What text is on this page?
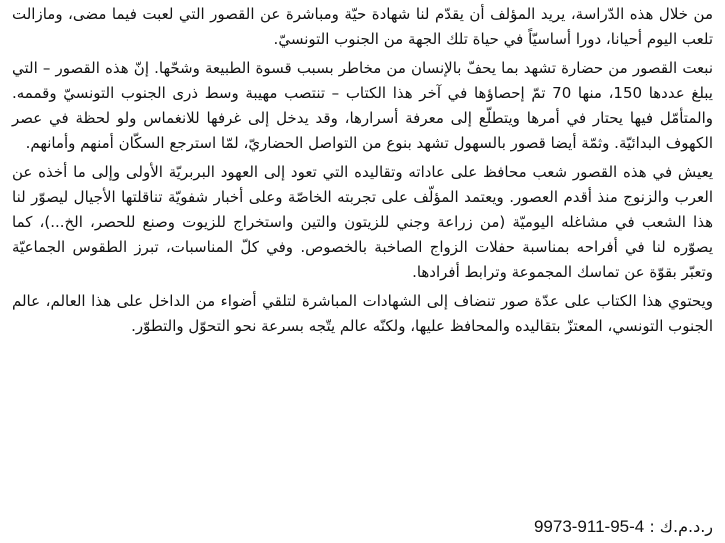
من خلال هذه الدّراسة، يريد المؤلف أن يقدّم لنا شهادة حيّة ومباشرة عن القصور التي لعبت فيما مضى، ومازالت تلعب اليوم أحيانا، دورا أساسيّاً في حياة تلك الجهة من الجنوب التونسيّ.

نبعت القصور من حضارة تشهد بما يحفّ بالإنسان من مخاطر بسبب قسوة الطبيعة وشحّها. إنّ هذه القصور – التي يبلغ عددها 150، منها 70 تمّ إحصاؤها في آخر هذا الكتاب – تنتصب مهيبة وسط ذرى الجنوب التونسيّ وقممه. والمتأمّل فيها يحتار في أمرها ويتطلّع إلى معرفة أسرارها، وقد يدخل إلى غرفها للانغماس ولو لحظة في عصر الكهوف البدائيّة. وثمّة أيضا قصور بالسهول تشهد بنوع من التواصل الحضاريّ، لمّا استرجع السكّان أمنهم وأمانهم.

يعيش في هذه القصور شعب محافظ على عاداته وتقاليده التي تعود إلى العهود البربريّة الأولى وإلى ما أخذه عن العرب والزنوج منذ أقدم العصور. ويعتمد المؤلّف على تجربته الخاصّة وعلى أخبار شفويّة تناقلتها الأجيال ليصوّر لنا هذا الشعب في مشاغله اليوميّة (من زراعة وجني للزيتون والتين واستخراج للزيوت وصنع للحصر، الخ...)، كما يصوّره لنا في أفراحه بمناسبة حفلات الزواج الصاخبة بالخصوص. وفي كلّ المناسبات، تبرز الطقوس الجماعيّة وتعبّر بقوّة عن تماسك المجموعة وترابط أفرادها.

ويحتوي هذا الكتاب على عدّة صور تنضاف إلى الشهادات المباشرة لتلقي أضواء من الداخل على هذا العالم، عالم الجنوب التونسي، المعتزّ بتقاليده والمحافظ عليها، ولكنّه عالم يتّجه بسرعة نحو التحوّل والتطوّر.

ر.د.م.ك : 9973-911-95-4
